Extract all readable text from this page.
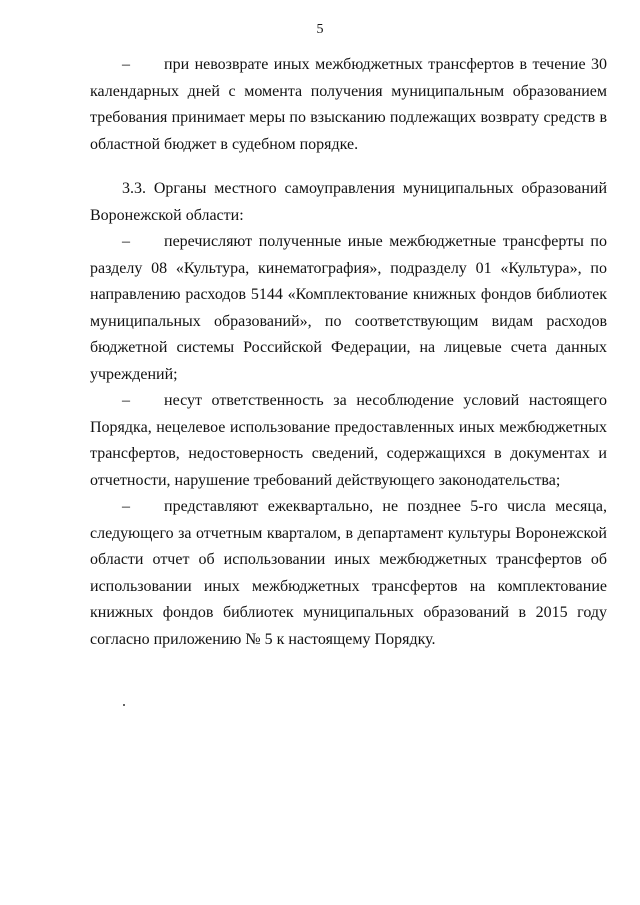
5

– при невозврате иных межбюджетных трансфертов в течение 30 календарных дней с момента получения муниципальным образованием требования принимает меры по взысканию подлежащих возврату средств в областной бюджет в судебном порядке.

3.3. Органы местного самоуправления муниципальных образований Воронежской области:

– перечисляют полученные иные межбюджетные трансферты по разделу 08 «Культура, кинематография», подразделу 01 «Культура», по направлению расходов 5144 «Комплектование книжных фондов библиотек муниципальных образований», по соответствующим видам расходов бюджетной системы Российской Федерации, на лицевые счета данных учреждений;

– несут ответственность за несоблюдение условий настоящего Порядка, нецелевое использование предоставленных иных межбюджетных трансфертов, недостоверность сведений, содержащихся в документах и отчетности, нарушение требований действующего законодательства;

– представляют ежеквартально, не позднее 5-го числа месяца, следующего за отчетным кварталом, в департамент культуры Воронежской области отчет об использовании иных межбюджетных трансфертов об использовании иных межбюджетных трансфертов на комплектование книжных фондов библиотек муниципальных образований в 2015 году согласно приложению № 5 к настоящему Порядку.
